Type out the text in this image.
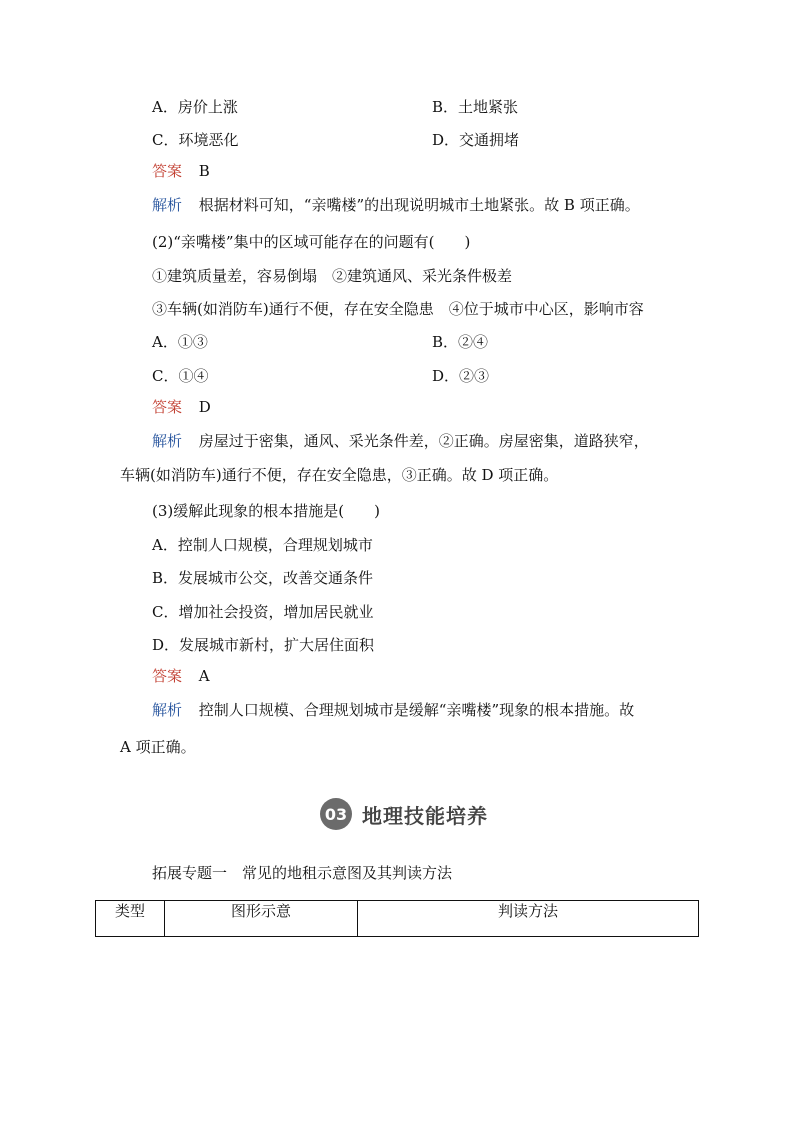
A．房价上涨	B．土地紧张
C．环境恶化	D．交通拥堵
答案 B
解析 根据材料可知，“亲嘴楼”的出现说明城市土地紧张。故 B 项正确。
(2)“亲嘴楼”集中的区域可能存在的问题有(　　)
①建筑质量差，容易倒塌　②建筑通风、采光条件极差
③车辆(如消防车)通行不便，存在安全隐患　④位于城市中心区，影响市容
A．①③	B．②④
C．①④	D．②③
答案 D
解析 房屋过于密集，通风、采光条件差，②正确。房屋密集，道路狭窄，
车辆(如消防车)通行不便，存在安全隐患，③正确。故 D 项正确。
(3)缓解此现象的根本措施是(　　)
A．控制人口规模，合理规划城市
B．发展城市公交，改善交通条件
C．增加社会投资，增加居民就业
D．发展城市新村，扩大居住面积
答案 A
解析 控制人口规模、合理规划城市是缓解“亲嘴楼”现象的根本措施。故
A 项正确。
03 地理技能培养
拓展专题一　常见的地租示意图及其判读方法
类型	图形示意	判读方法
